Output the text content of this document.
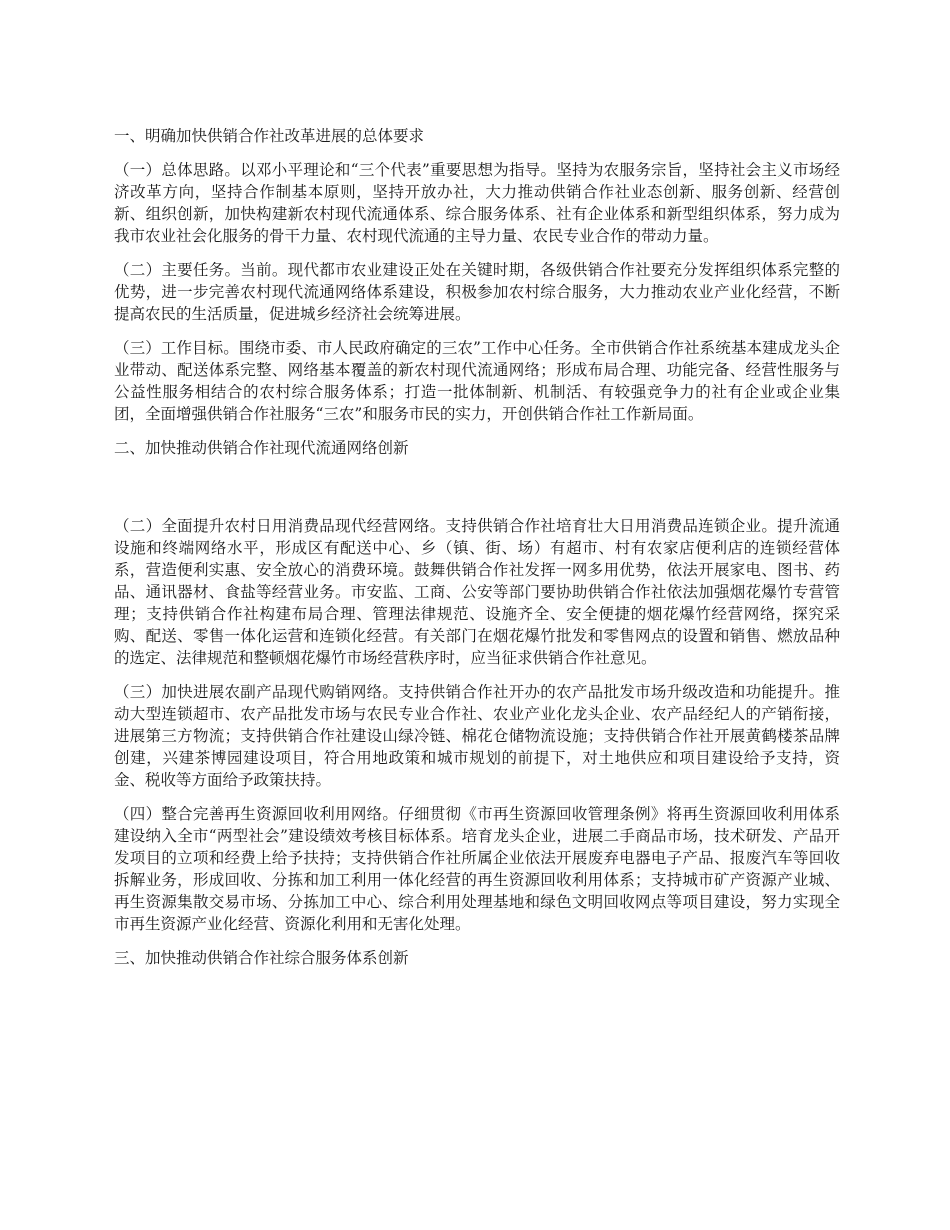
一、明确加快供销合作社改革进展的总体要求

（一）总体思路。以邓小平理论和“三个代表”重要思想为指导。坚持为农服务宗旨，坚持社会主义市场经济改革方向，坚持合作制基本原则，坚持开放办社，大力推动供销合作社业态创新、服务创新、经营创新、组织创新，加快构建新农村现代流通体系、综合服务体系、社有企业体系和新型组织体系，努力成为我市农业社会化服务的骨干力量、农村现代流通的主导力量、农民专业合作的带动力量。

（二）主要任务。当前。现代都市农业建设正处在关键时期，各级供销合作社要充分发挥组织体系完整的优势，进一步完善农村现代流通网络体系建设，积极参加农村综合服务，大力推动农业产业化经营，不断提高农民的生活质量，促进城乡经济社会统筹进展。

（三）工作目标。围绕市委、市人民政府确定的三农”工作中心任务。全市供销合作社系统基本建成龙头企业带动、配送体系完整、网络基本覆盖的新农村现代流通网络；形成布局合理、功能完备、经营性服务与公益性服务相结合的农村综合服务体系；打造一批体制新、机制活、有较强竞争力的社有企业或企业集团，全面增强供销合作社服务“三农”和服务市民的实力，开创供销合作社工作新局面。

二、加快推动供销合作社现代流通网络创新

（二）全面提升农村日用消费品现代经营网络。支持供销合作社培育壮大日用消费品连锁企业。提升流通设施和终端网络水平，形成区有配送中心、乡（镇、街、场）有超市、村有农家店便利店的连锁经营体系，营造便利实惠、安全放心的消费环境。鼓舞供销合作社发挥一网多用优势，依法开展家电、图书、药品、通讯器材、食盐等经营业务。市安监、工商、公安等部门要协助供销合作社依法加强烟花爆竹专营管理；支持供销合作社构建布局合理、管理法律规范、设施齐全、安全便捷的烟花爆竹经营网络，探究采购、配送、零售一体化运营和连锁化经营。有关部门在烟花爆竹批发和零售网点的设置和销售、燃放品种的选定、法律规范和整顿烟花爆竹市场经营秩序时，应当征求供销合作社意见。

（三）加快进展农副产品现代购销网络。支持供销合作社开办的农产品批发市场升级改造和功能提升。推动大型连锁超市、农产品批发市场与农民专业合作社、农业产业化龙头企业、农产品经纪人的产销衔接，进展第三方物流；支持供销合作社建设山绿冷链、棉花仓储物流设施；支持供销合作社开展黄鹤楼茶品牌创建，兴建茶博园建设项目，符合用地政策和城市规划的前提下，对土地供应和项目建设给予支持，资金、税收等方面给予政策扶持。

（四）整合完善再生资源回收利用网络。仔细贯彻《市再生资源回收管理条例》将再生资源回收利用体系建设纳入全市“两型社会”建设绩效考核目标体系。培育龙头企业，进展二手商品市场，技术研发、产品开发项目的立项和经费上给予扶持；支持供销合作社所属企业依法开展废弃电器电子产品、报废汽车等回收拆解业务，形成回收、分拣和加工利用一体化经营的再生资源回收利用体系；支持城市矿产资源产业城、再生资源集散交易市场、分拣加工中心、综合利用处理基地和绿色文明回收网点等项目建设，努力实现全市再生资源产业化经营、资源化利用和无害化处理。

三、加快推动供销合作社综合服务体系创新
